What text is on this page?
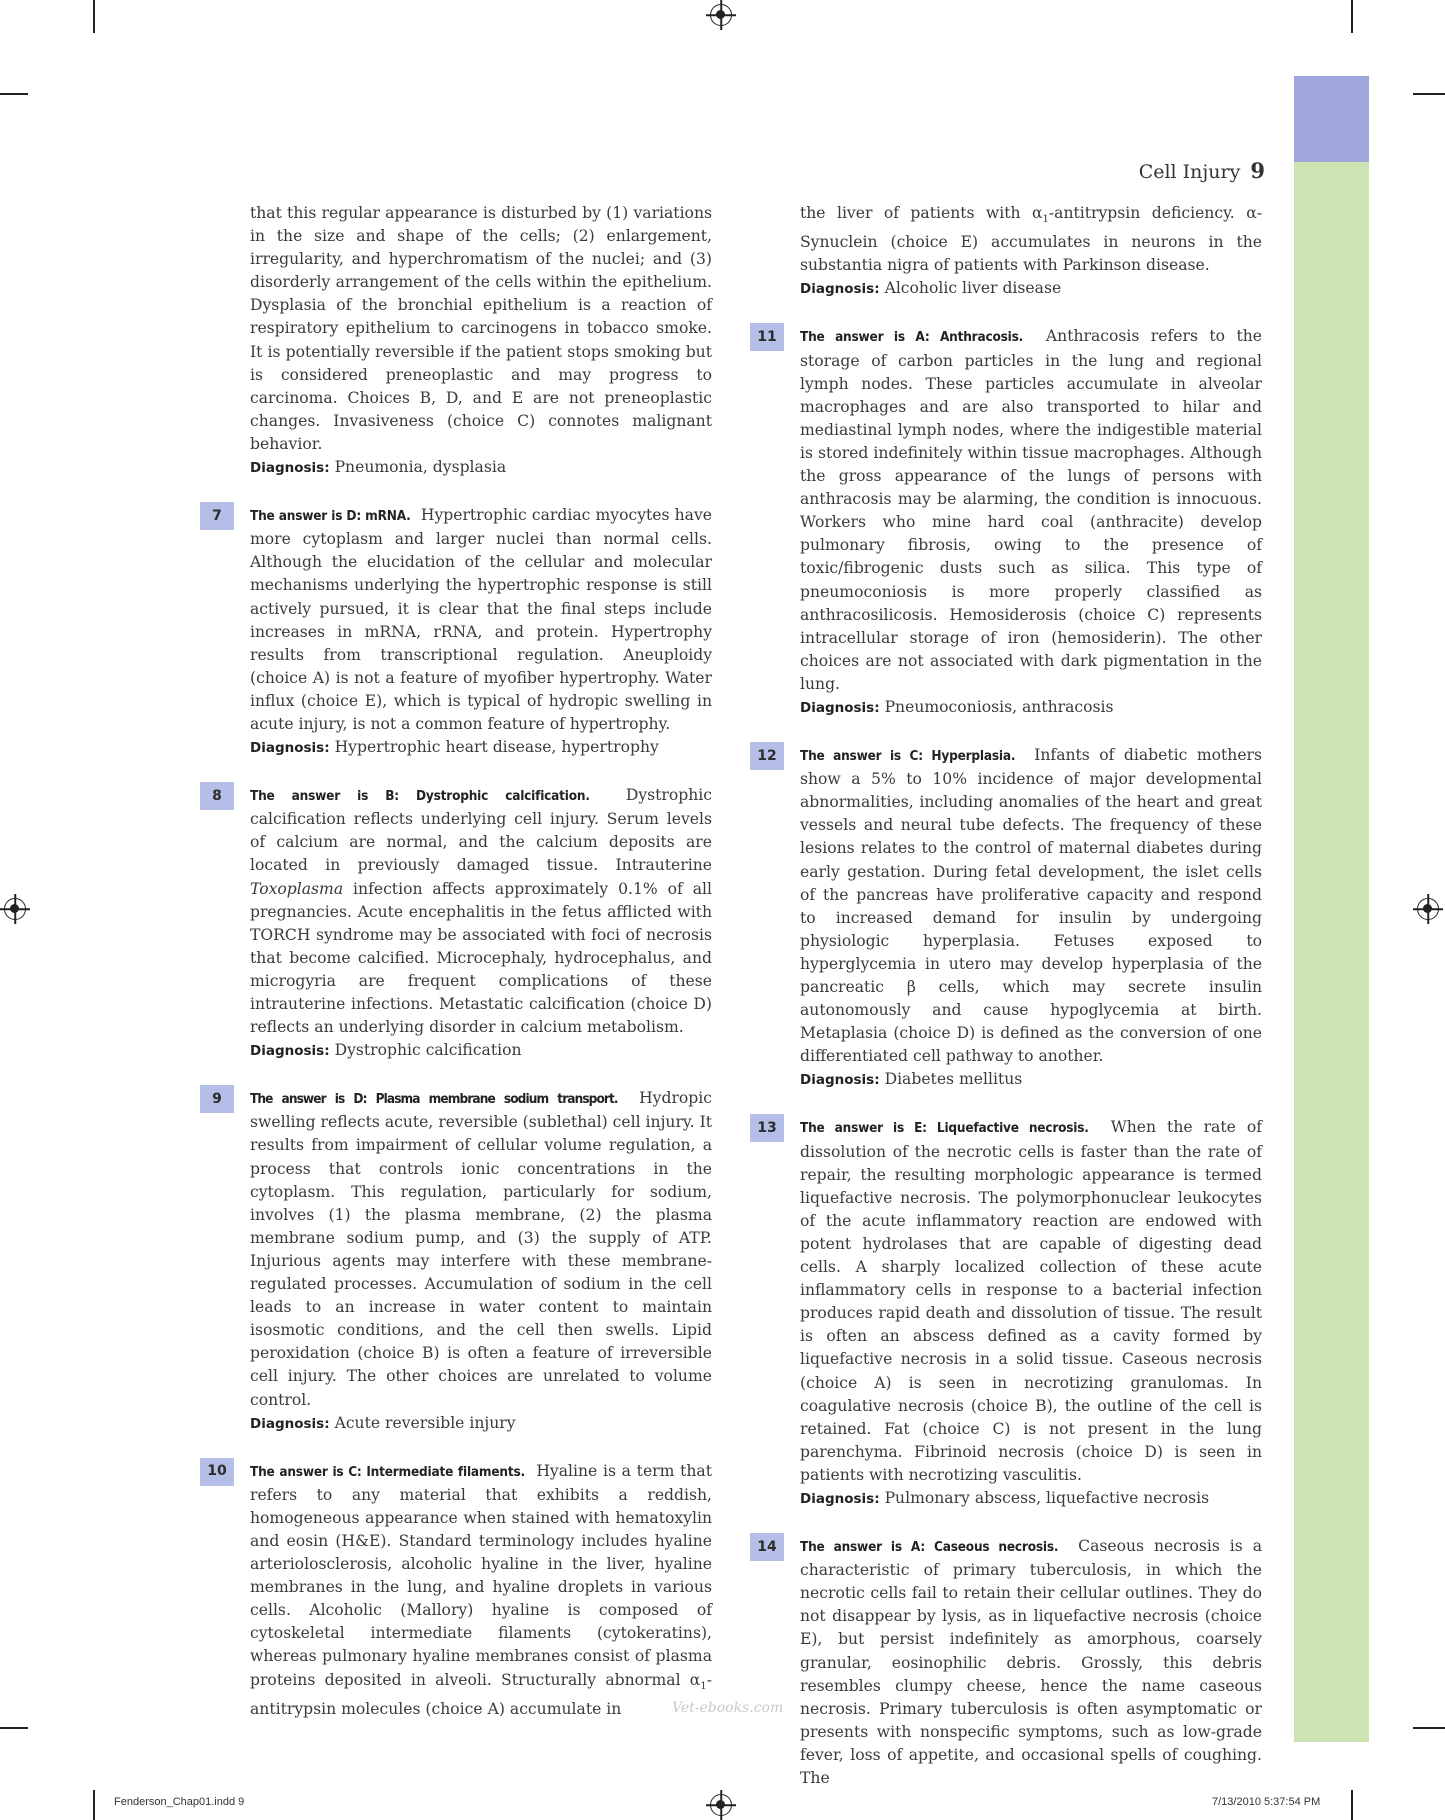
Cell Injury 9

that this regular appearance is disturbed by (1) variations in the size and shape of the cells; (2) enlargement, irregularity, and hyperchromatism of the nuclei; and (3) disorderly arrangement of the cells within the epithelium. Dysplasia of the bronchial epithelium is a reaction of respiratory epithelium to carcinogens in tobacco smoke. It is potentially reversible if the patient stops smoking but is considered preneoplastic and may progress to carcinoma. Choices B, D, and E are not preneoplastic changes. Invasiveness (choice C) connotes malignant behavior.

Diagnosis: Pneumonia, dysplasia

7	The answer is D: mRNA. Hypertrophic cardiac myocytes have more cytoplasm and larger nuclei than normal cells. Although the elucidation of the cellular and molecular mechanisms underlying the hypertrophic response is still actively pursued, it is clear that the final steps include increases in mRNA, rRNA, and protein. Hypertrophy results from transcriptional regulation. Aneuploidy (choice A) is not a feature of myofiber hypertrophy. Water influx (choice E), which is typical of hydropic swelling in acute injury, is not a common feature of hypertrophy.

Diagnosis: Hypertrophic heart disease, hypertrophy

8	The answer is B: Dystrophic calcification. Dystrophic calcification reflects underlying cell injury. Serum levels of calcium are normal, and the calcium deposits are located in previously damaged tissue. Intrauterine Toxoplasma infection affects approximately 0.1% of all pregnancies. Acute encephalitis in the fetus afflicted with TORCH syndrome may be associated with foci of necrosis that become calcified. Microcephaly, hydrocephalus, and microgyria are frequent complications of these intrauterine infections. Metastatic calcification (choice D) reflects an underlying disorder in calcium metabolism.

Diagnosis: Dystrophic calcification

9	The answer is D: Plasma membrane sodium transport. Hydropic swelling reflects acute, reversible (sublethal) cell injury. It results from impairment of cellular volume regulation, a process that controls ionic concentrations in the cytoplasm. This regulation, particularly for sodium, involves (1) the plasma membrane, (2) the plasma membrane sodium pump, and (3) the supply of ATP. Injurious agents may interfere with these membrane-regulated processes. Accumulation of sodium in the cell leads to an increase in water content to maintain isosmotic conditions, and the cell then swells. Lipid peroxidation (choice B) is often a feature of irreversible cell injury. The other choices are unrelated to volume control.

Diagnosis: Acute reversible injury

10	The answer is C: Intermediate filaments. Hyaline is a term that refers to any material that exhibits a reddish, homogeneous appearance when stained with hematoxylin and eosin (H&E). Standard terminology includes hyaline arteriolosclerosis, alcoholic hyaline in the liver, hyaline membranes in the lung, and hyaline droplets in various cells. Alcoholic (Mallory) hyaline is composed of cytoskeletal intermediate filaments (cytokeratins), whereas pulmonary hyaline membranes consist of plasma proteins deposited in alveoli. Structurally abnormal $\alpha_1$-antitrypsin molecules (choice A) accumulate in

the liver of patients with $\alpha_1$-antitrypsin deficiency. α-Synuclein (choice E) accumulates in neurons in the substantia nigra of patients with Parkinson disease.

Diagnosis: Alcoholic liver disease

11	The answer is A: Anthracosis. Anthracosis refers to the storage of carbon particles in the lung and regional lymph nodes. These particles accumulate in alveolar macrophages and are also transported to hilar and mediastinal lymph nodes, where the indigestible material is stored indefinitely within tissue macrophages. Although the gross appearance of the lungs of persons with anthracosis may be alarming, the condition is innocuous. Workers who mine hard coal (anthracite) develop pulmonary fibrosis, owing to the presence of toxic/fibrogenic dusts such as silica. This type of pneumoconiosis is more properly classified as anthracosilicosis. Hemosiderosis (choice C) represents intracellular storage of iron (hemosiderin). The other choices are not associated with dark pigmentation in the lung.

Diagnosis: Pneumoconiosis, anthracosis

12	The answer is C: Hyperplasia. Infants of diabetic mothers show a 5% to 10% incidence of major developmental abnormalities, including anomalies of the heart and great vessels and neural tube defects. The frequency of these lesions relates to the control of maternal diabetes during early gestation. During fetal development, the islet cells of the pancreas have proliferative capacity and respond to increased demand for insulin by undergoing physiologic hyperplasia. Fetuses exposed to hyperglycemia in utero may develop hyperplasia of the pancreatic β cells, which may secrete insulin autonomously and cause hypoglycemia at birth. Metaplasia (choice D) is defined as the conversion of one differentiated cell pathway to another.

Diagnosis: Diabetes mellitus

13	The answer is E: Liquefactive necrosis. When the rate of dissolution of the necrotic cells is faster than the rate of repair, the resulting morphologic appearance is termed liquefactive necrosis. The polymorphonuclear leukocytes of the acute inflammatory reaction are endowed with potent hydrolases that are capable of digesting dead cells. A sharply localized collection of these acute inflammatory cells in response to a bacterial infection produces rapid death and dissolution of tissue. The result is often an abscess defined as a cavity formed by liquefactive necrosis in a solid tissue. Caseous necrosis (choice A) is seen in necrotizing granulomas. In coagulative necrosis (choice B), the outline of the cell is retained. Fat (choice C) is not present in the lung parenchyma. Fibrinoid necrosis (choice D) is seen in patients with necrotizing vasculitis.

Diagnosis: Pulmonary abscess, liquefactive necrosis

14	The answer is A: Caseous necrosis. Caseous necrosis is a characteristic of primary tuberculosis, in which the necrotic cells fail to retain their cellular outlines. They do not disappear by lysis, as in liquefactive necrosis (choice E), but persist indefinitely as amorphous, coarsely granular, eosinophilic debris. Grossly, this debris resembles clumpy cheese, hence the name caseous necrosis. Primary tuberculosis is often asymptomatic or presents with nonspecific symptoms, such as low-grade fever, loss of appetite, and occasional spells of coughing. The

Vet-ebooks.com
Fenderson_Chap01.indd 9	7/13/2010 5:37:54 PM
